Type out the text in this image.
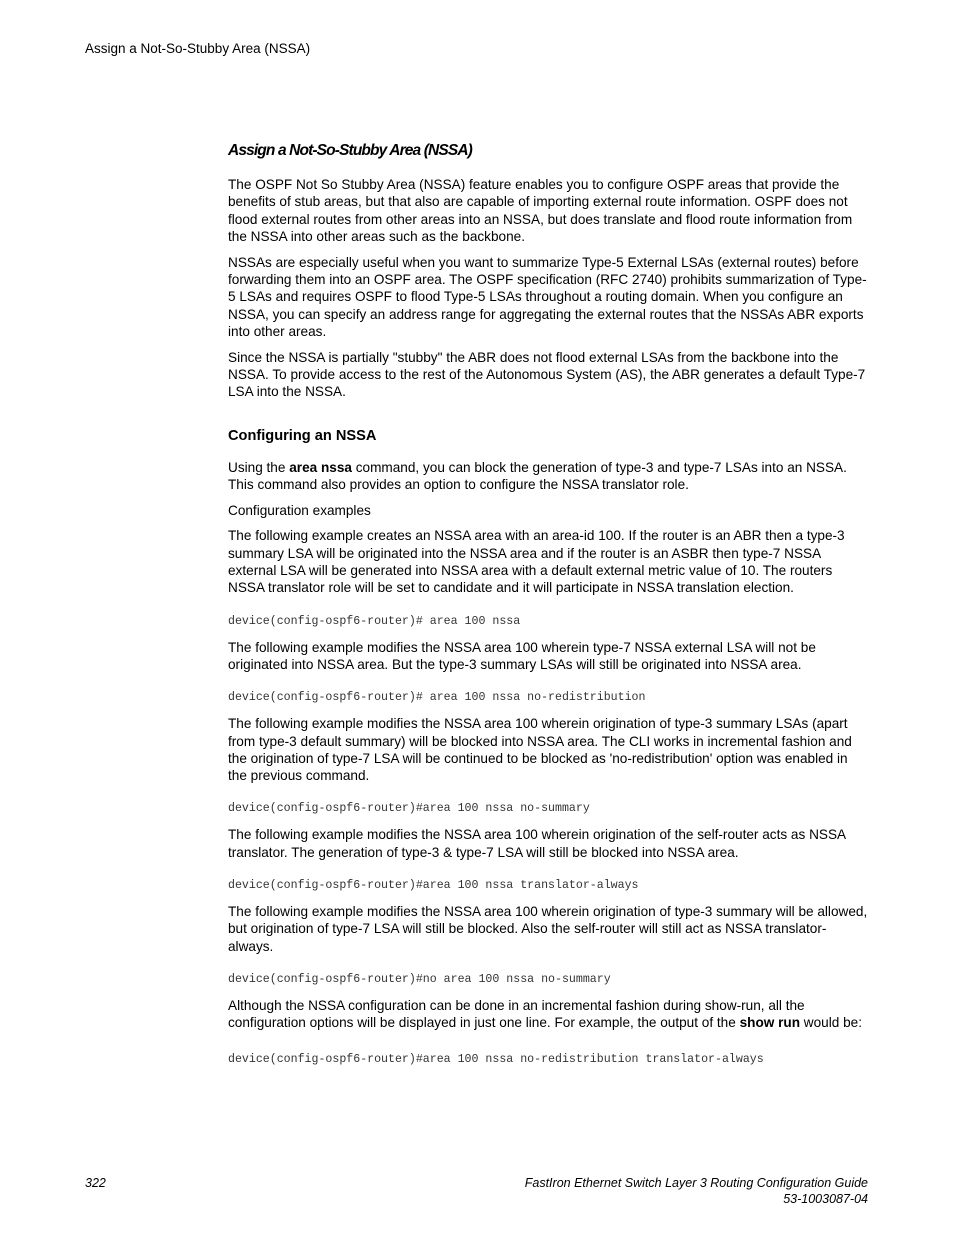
Assign a Not-So-Stubby Area (NSSA)
Assign a Not-So-Stubby Area (NSSA)

The OSPF Not So Stubby Area (NSSA) feature enables you to configure OSPF areas that provide the benefits of stub areas, but that also are capable of importing external route information. OSPF does not flood external routes from other areas into an NSSA, but does translate and flood route information from the NSSA into other areas such as the backbone.

NSSAs are especially useful when you want to summarize Type-5 External LSAs (external routes) before forwarding them into an OSPF area. The OSPF specification (RFC 2740) prohibits summarization of Type-5 LSAs and requires OSPF to flood Type-5 LSAs throughout a routing domain. When you configure an NSSA, you can specify an address range for aggregating the external routes that the NSSAs ABR exports into other areas.

Since the NSSA is partially "stubby" the ABR does not flood external LSAs from the backbone into the NSSA. To provide access to the rest of the Autonomous System (AS), the ABR generates a default Type-7 LSA into the NSSA.

Configuring an NSSA

Using the area nssa command, you can block the generation of type-3 and type-7 LSAs into an NSSA. This command also provides an option to configure the NSSA translator role.

Configuration examples

The following example creates an NSSA area with an area-id 100. If the router is an ABR then a type-3 summary LSA will be originated into the NSSA area and if the router is an ASBR then type-7 NSSA external LSA will be generated into NSSA area with a default external metric value of 10. The routers NSSA translator role will be set to candidate and it will participate in NSSA translation election.

device(config-ospf6-router)# area 100 nssa

The following example modifies the NSSA area 100 wherein type-7 NSSA external LSA will not be originated into NSSA area. But the type-3 summary LSAs will still be originated into NSSA area.

device(config-ospf6-router)# area 100 nssa no-redistribution

The following example modifies the NSSA area 100 wherein origination of type-3 summary LSAs (apart from type-3 default summary) will be blocked into NSSA area. The CLI works in incremental fashion and the origination of type-7 LSA will be continued to be blocked as 'no-redistribution' option was enabled in the previous command.

device(config-ospf6-router)#area 100 nssa no-summary

The following example modifies the NSSA area 100 wherein origination of the self-router acts as NSSA translator. The generation of type-3 & type-7 LSA will still be blocked into NSSA area.

device(config-ospf6-router)#area 100 nssa translator-always

The following example modifies the NSSA area 100 wherein origination of type-3 summary will be allowed, but origination of type-7 LSA will still be blocked. Also the self-router will still act as NSSA translator-always.

device(config-ospf6-router)#no area 100 nssa no-summary

Although the NSSA configuration can be done in an incremental fashion during show-run, all the configuration options will be displayed in just one line. For example, the output of the show run would be:

device(config-ospf6-router)#area 100 nssa no-redistribution translator-always
322	FastIron Ethernet Switch Layer 3 Routing Configuration Guide
53-1003087-04
